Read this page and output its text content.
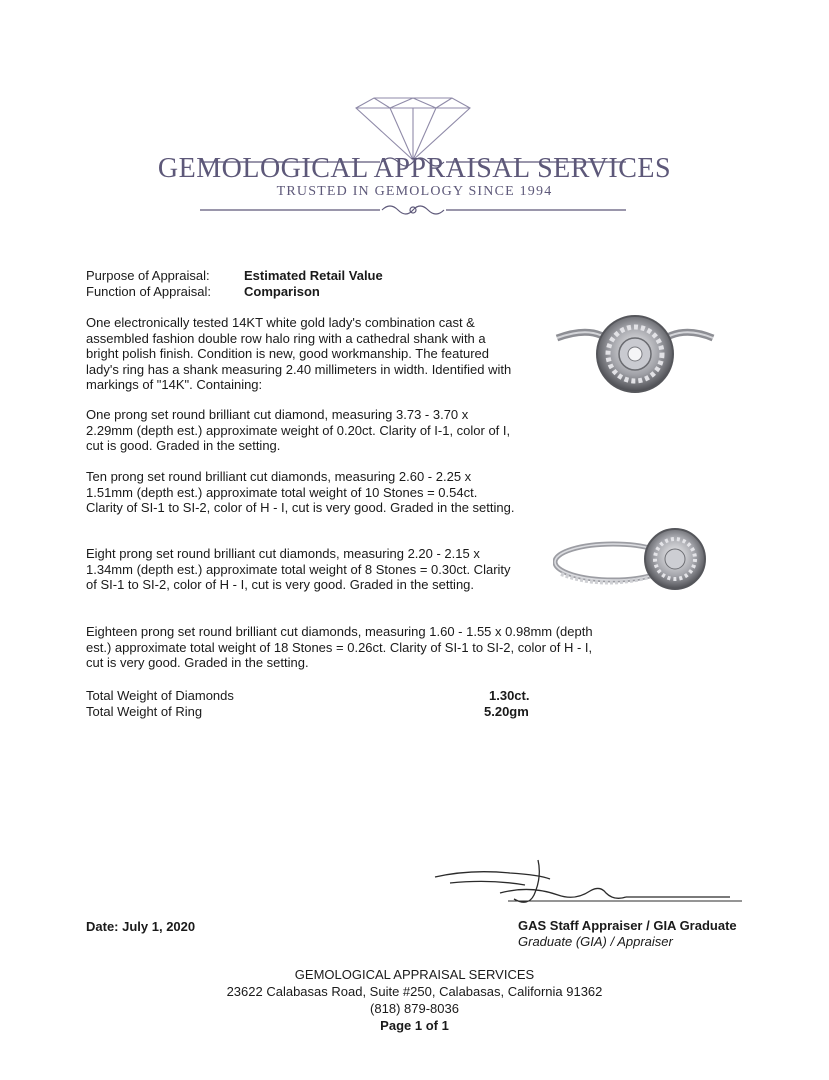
GEMOLOGICAL APPRAISAL SERVICES
TRUSTED IN GEMOLOGY SINCE 1994
Purpose of Appraisal:	Estimated Retail Value
Function of Appraisal:	Comparison
One electronically tested 14KT white gold lady's combination cast & assembled fashion double row halo ring with a cathedral shank with a bright polish finish. Condition is new, good workmanship. The featured lady's ring has a shank measuring 2.40 millimeters in width. Identified with markings of "14K". Containing:
One prong set round brilliant cut diamond, measuring 3.73 - 3.70 x 2.29mm (depth est.) approximate weight of 0.20ct. Clarity of I-1, color of I, cut is good. Graded in the setting.
Ten prong set round brilliant cut diamonds, measuring 2.60 - 2.25 x 1.51mm (depth est.) approximate total weight of 10 Stones = 0.54ct. Clarity of SI-1 to SI-2, color of H - I, cut is very good. Graded in the setting.
Eight prong set round brilliant cut diamonds, measuring 2.20 - 2.15 x 1.34mm (depth est.) approximate total weight of 8 Stones = 0.30ct. Clarity of SI-1 to SI-2, color of H - I, cut is very good. Graded in the setting.
Eighteen prong set round brilliant cut diamonds, measuring 1.60 - 1.55 x 0.98mm (depth est.) approximate total weight of 18 Stones = 0.26ct. Clarity of SI-1 to SI-2, color of H - I, cut is very good. Graded in the setting.
Total Weight of Diamonds	1.30ct.
Total Weight of Ring	5.20gm
Date: July 1, 2020	GAS Staff Appraiser / GIA Graduate
Graduate (GIA) / Appraiser
GEMOLOGICAL APPRAISAL SERVICES
23622 Calabasas Road, Suite #250, Calabasas, California 91362
(818) 879-8036
Page 1 of 1
